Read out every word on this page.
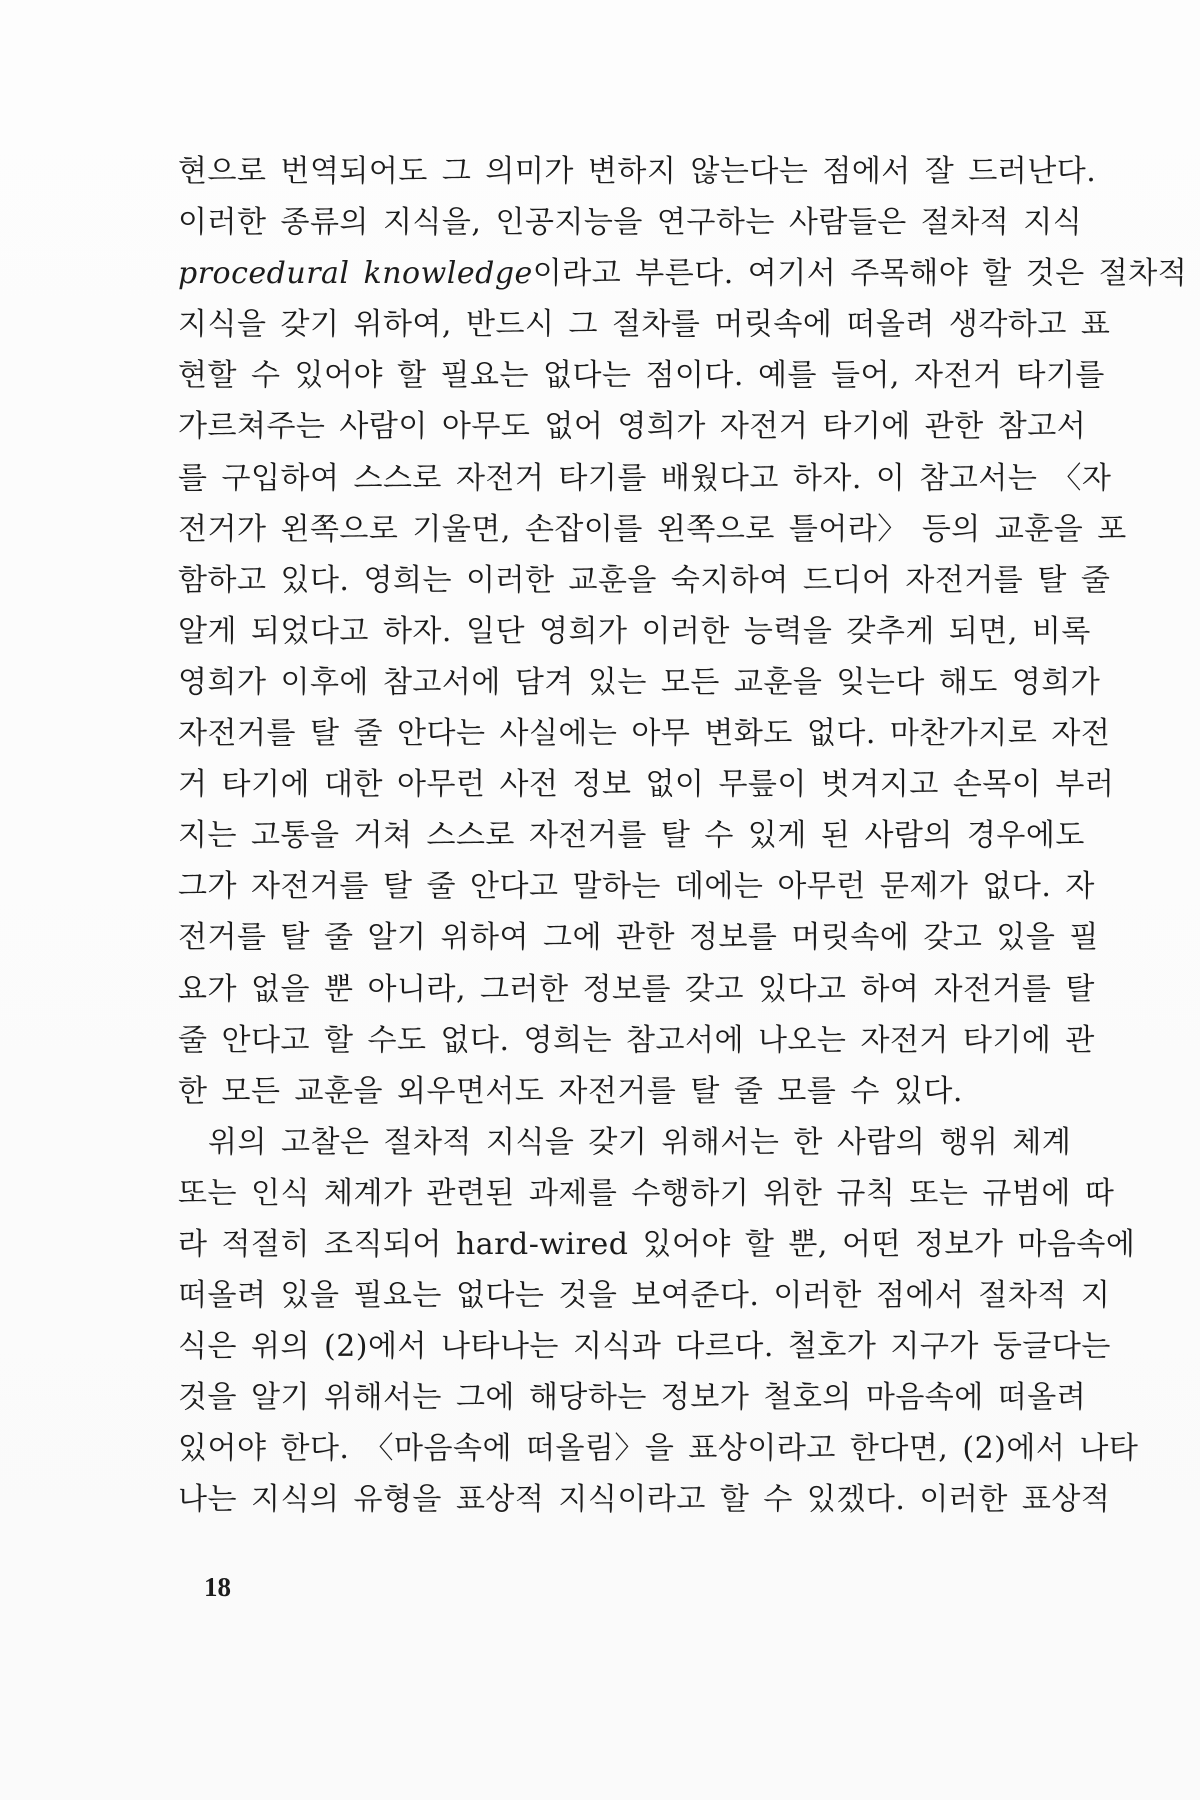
현으로 번역되어도 그 의미가 변하지 않는다는 점에서 잘 드러난다.
이러한 종류의 지식을, 인공지능을 연구하는 사람들은 절차적 지식
procedural knowledge이라고 부른다. 여기서 주목해야 할 것은 절차적
지식을 갖기 위하여, 반드시 그 절차를 머릿속에 떠올려 생각하고 표
현할 수 있어야 할 필요는 없다는 점이다. 예를 들어, 자전거 타기를
가르쳐주는 사람이 아무도 없어 영희가 자전거 타기에 관한 참고서
를 구입하여 스스로 자전거 타기를 배웠다고 하자. 이 참고서는 〈자
전거가 왼쪽으로 기울면, 손잡이를 왼쪽으로 틀어라〉 등의 교훈을 포
함하고 있다. 영희는 이러한 교훈을 숙지하여 드디어 자전거를 탈 줄
알게 되었다고 하자. 일단 영희가 이러한 능력을 갖추게 되면, 비록
영희가 이후에 참고서에 담겨 있는 모든 교훈을 잊는다 해도 영희가
자전거를 탈 줄 안다는 사실에는 아무 변화도 없다. 마찬가지로 자전
거 타기에 대한 아무런 사전 정보 없이 무릎이 벗겨지고 손목이 부러
지는 고통을 거쳐 스스로 자전거를 탈 수 있게 된 사람의 경우에도
그가 자전거를 탈 줄 안다고 말하는 데에는 아무런 문제가 없다. 자
전거를 탈 줄 알기 위하여 그에 관한 정보를 머릿속에 갖고 있을 필
요가 없을 뿐 아니라, 그러한 정보를 갖고 있다고 하여 자전거를 탈
줄 안다고 할 수도 없다. 영희는 참고서에 나오는 자전거 타기에 관
한 모든 교훈을 외우면서도 자전거를 탈 줄 모를 수 있다.
위의 고찰은 절차적 지식을 갖기 위해서는 한 사람의 행위 체계
또는 인식 체계가 관련된 과제를 수행하기 위한 규칙 또는 규범에 따
라 적절히 조직되어 hard-wired 있어야 할 뿐, 어떤 정보가 마음속에
떠올려 있을 필요는 없다는 것을 보여준다. 이러한 점에서 절차적 지
식은 위의 (2)에서 나타나는 지식과 다르다. 철호가 지구가 둥글다는
것을 알기 위해서는 그에 해당하는 정보가 철호의 마음속에 떠올려
있어야 한다. 〈마음속에 떠올림〉을 표상이라고 한다면, (2)에서 나타
나는 지식의 유형을 표상적 지식이라고 할 수 있겠다. 이러한 표상적
18
